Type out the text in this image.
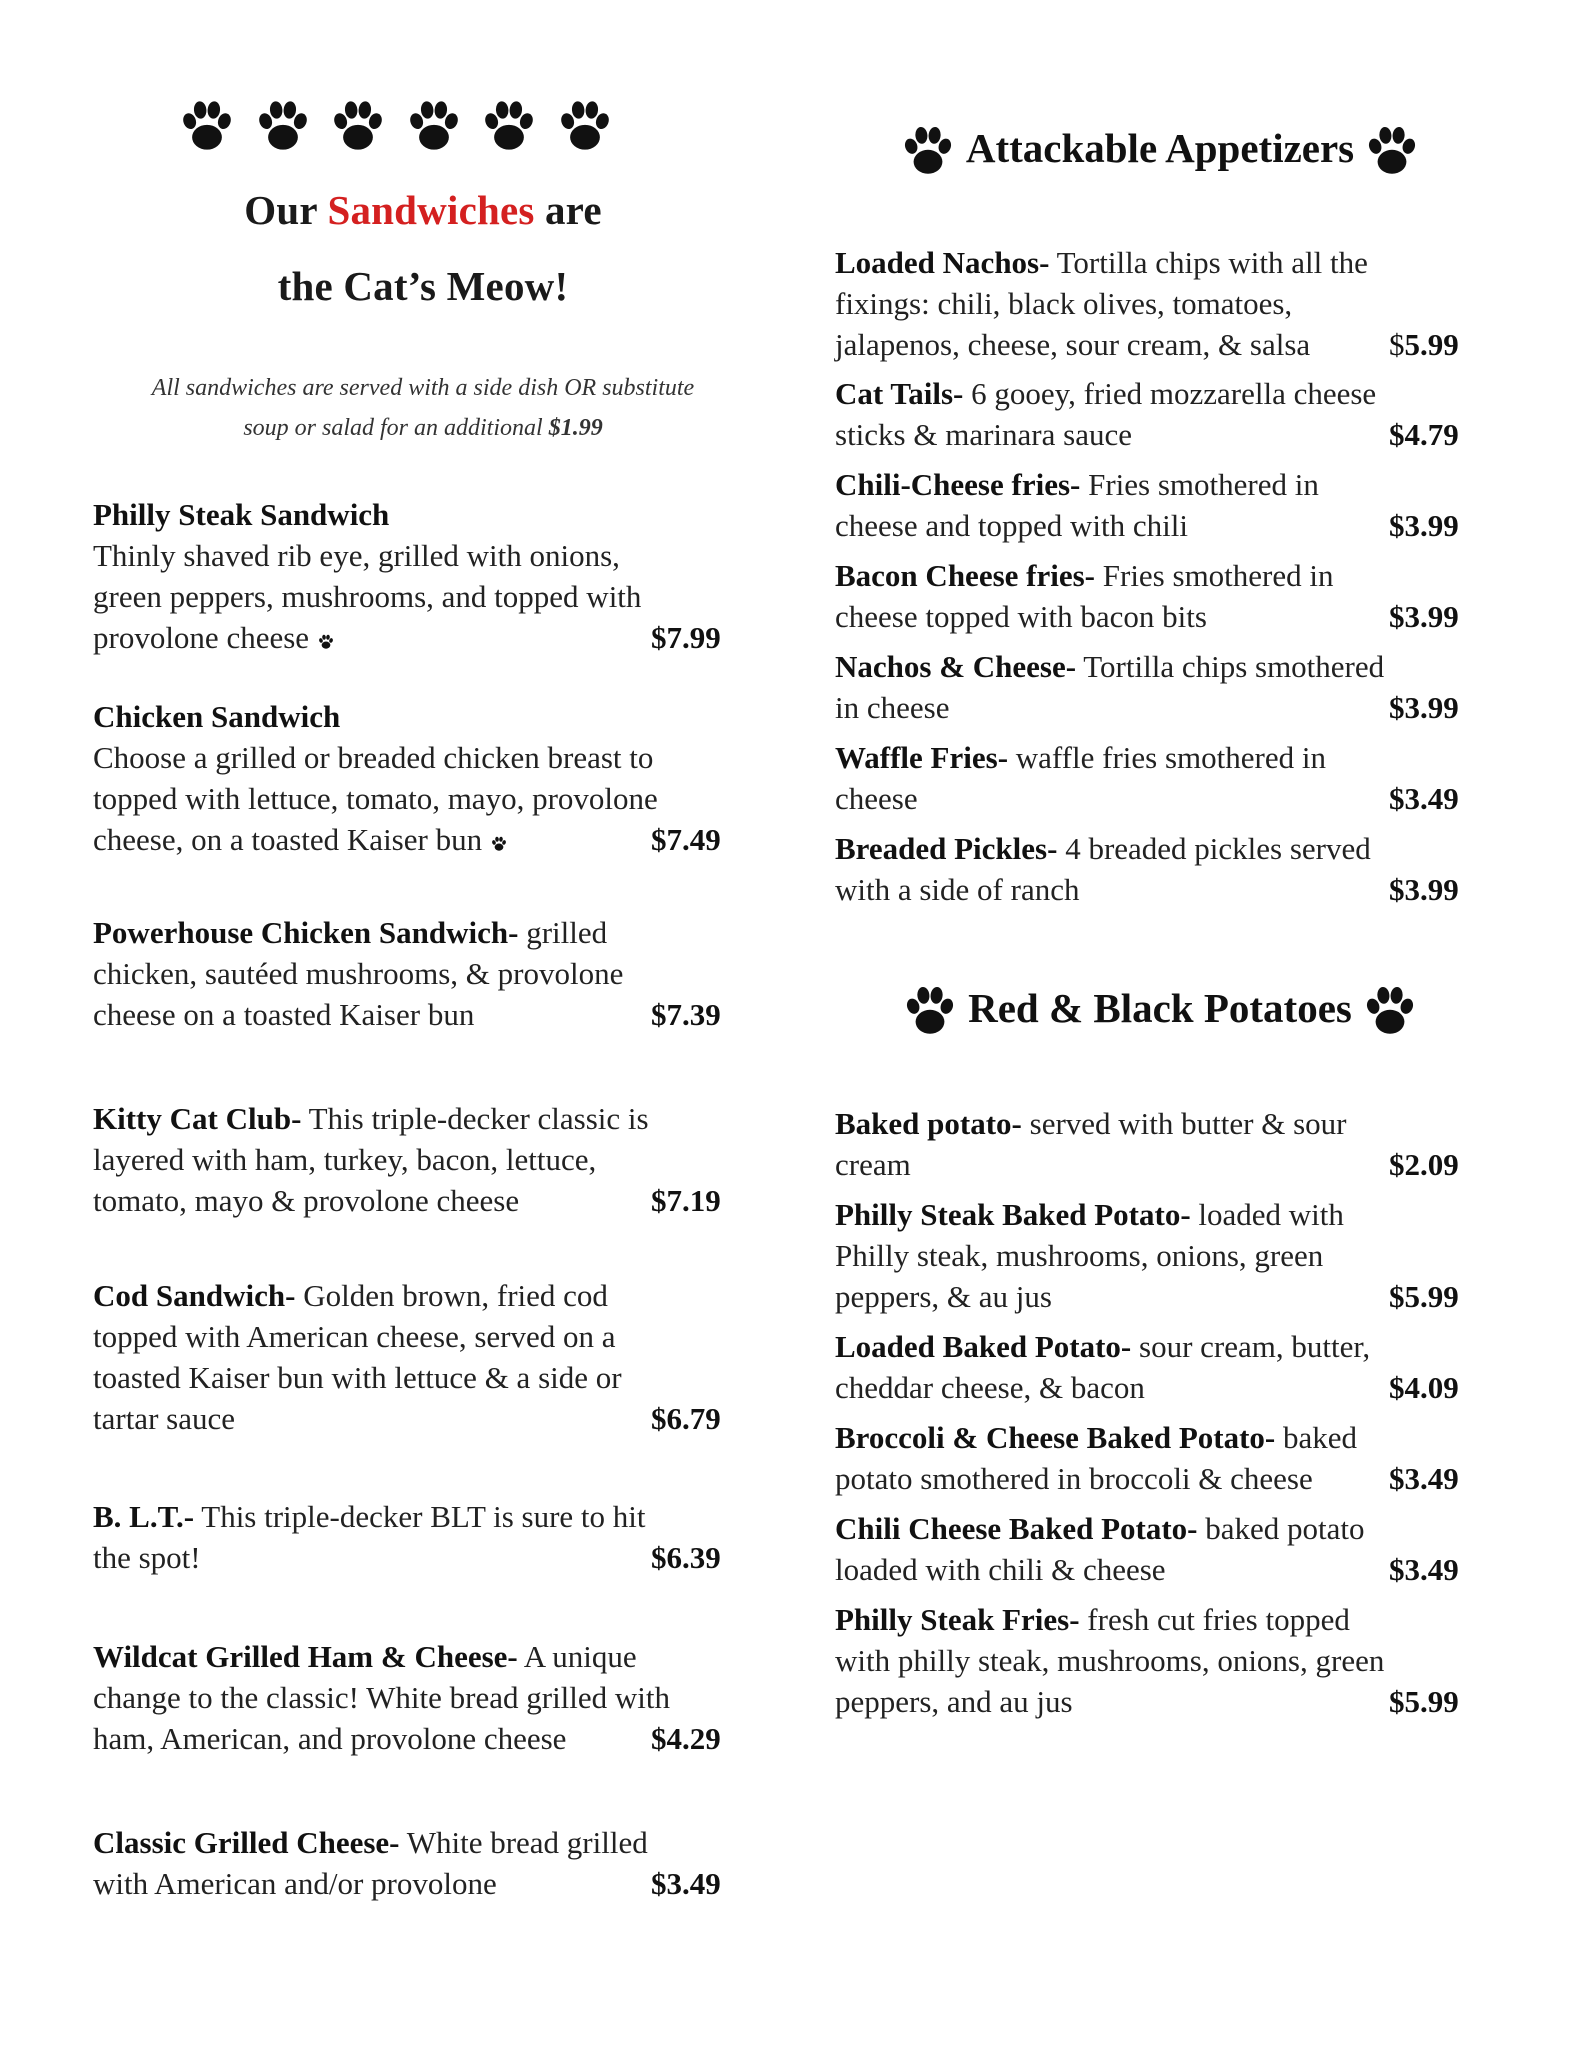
Our Sandwiches are
the Cat’s Meow!
All sandwiches are served with a side dish OR substitute
soup or salad for an additional $1.99
Philly Steak Sandwich
Thinly shaved rib eye, grilled with onions,
green peppers, mushrooms, and topped with
provolone cheese	$7.99
Chicken Sandwich
Choose a grilled or breaded chicken breast to
topped with lettuce, tomato, mayo, provolone
cheese, on a toasted Kaiser bun	$7.49
Powerhouse Chicken Sandwich- grilled
chicken, sautéed mushrooms, & provolone
cheese on a toasted Kaiser bun	$7.39
Kitty Cat Club- This triple-decker classic is
layered with ham, turkey, bacon, lettuce,
tomato, mayo & provolone cheese	$7.19
Cod Sandwich- Golden brown, fried cod
topped with American cheese, served on a
toasted Kaiser bun with lettuce & a side or
tartar sauce	$6.79
B. L.T.- This triple-decker BLT is sure to hit
the spot!	$6.39
Wildcat Grilled Ham & Cheese- A unique
change to the classic! White bread grilled with
ham, American, and provolone cheese	$4.29
Classic Grilled Cheese- White bread grilled
with American and/or provolone	$3.49
Attackable Appetizers
Loaded Nachos- Tortilla chips with all the
fixings: chili, black olives, tomatoes,
jalapenos, cheese, sour cream, & salsa	$5.99
Cat Tails- 6 gooey, fried mozzarella cheese
sticks & marinara sauce	$4.79
Chili-Cheese fries- Fries smothered in
cheese and topped with chili	$3.99
Bacon Cheese fries- Fries smothered in
cheese topped with bacon bits	$3.99
Nachos & Cheese- Tortilla chips smothered
in cheese	$3.99
Waffle Fries- waffle fries smothered in
cheese	$3.49
Breaded Pickles- 4 breaded pickles served
with a side of ranch	$3.99
Red & Black Potatoes
Baked potato- served with butter & sour
cream	$2.09
Philly Steak Baked Potato- loaded with
Philly steak, mushrooms, onions, green
peppers, & au jus	$5.99
Loaded Baked Potato- sour cream, butter,
cheddar cheese, & bacon	$4.09
Broccoli & Cheese Baked Potato- baked
potato smothered in broccoli & cheese	$3.49
Chili Cheese Baked Potato- baked potato
loaded with chili & cheese	$3.49
Philly Steak Fries- fresh cut fries topped
with philly steak, mushrooms, onions, green
peppers, and au jus	$5.99
